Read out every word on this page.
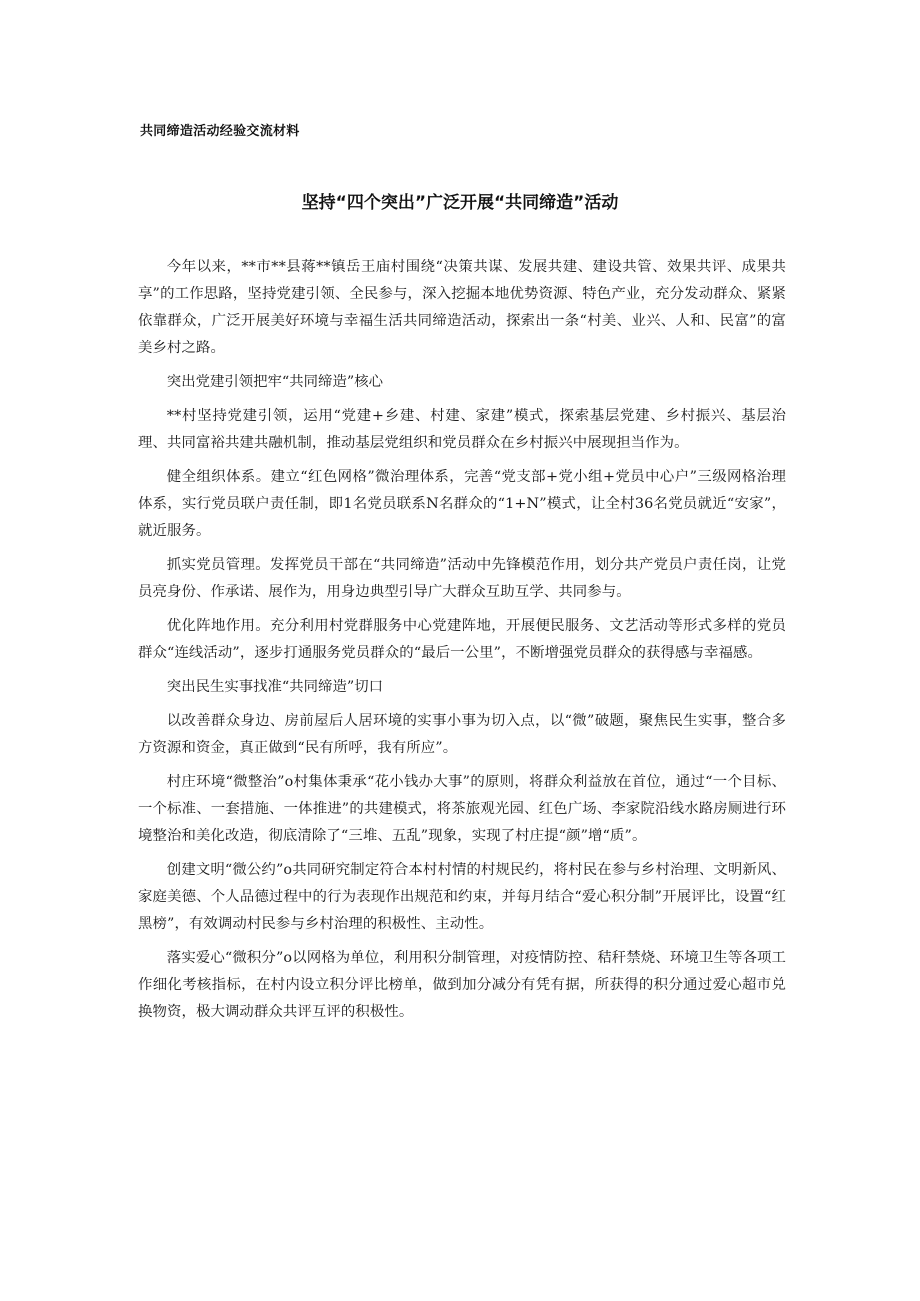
共同缔造活动经验交流材料

坚持“四个突出”广泛开展“共同缔造”活动

今年以来，**市**县蒋**镇岳王庙村围绕“决策共谋、发展共建、建设共管、效果共评、成果共享”的工作思路，坚持党建引领、全民参与，深入挖掘本地优势资源、特色产业，充分发动群众、紧紧依靠群众，广泛开展美好环境与幸福生活共同缔造活动，探索出一条“村美、业兴、人和、民富”的富美乡村之路。

突出党建引领把牢“共同缔造”核心

**村坚持党建引领，运用“党建+乡建、村建、家建”模式，探索基层党建、乡村振兴、基层治理、共同富裕共建共融机制，推动基层党组织和党员群众在乡村振兴中展现担当作为。

健全组织体系。建立“红色网格”微治理体系，完善“党支部+党小组+党员中心户”三级网格治理体系，实行党员联户责任制，即1名党员联系N名群众的“1+N”模式，让全村36名党员就近“安家”，就近服务。

抓实党员管理。发挥党员干部在“共同缔造”活动中先锋模范作用，划分共产党员户责任岗，让党员亮身份、作承诺、展作为，用身边典型引导广大群众互助互学、共同参与。

优化阵地作用。充分利用村党群服务中心党建阵地，开展便民服务、文艺活动等形式多样的党员群众“连线活动”，逐步打通服务党员群众的“最后一公里”，不断增强党员群众的获得感与幸福感。

突出民生实事找准“共同缔造”切口

以改善群众身边、房前屋后人居环境的实事小事为切入点，以“微”破题，聚焦民生实事，整合多方资源和资金，真正做到“民有所呼，我有所应”。

村庄环境“微整治”o村集体秉承“花小钱办大事”的原则，将群众利益放在首位，通过“一个目标、一个标准、一套措施、一体推进”的共建模式，将茶旅观光园、红色广场、李家院沿线水路房厕进行环境整治和美化改造，彻底清除了“三堆、五乱”现象，实现了村庄提“颜”增“质”。

创建文明“微公约”o共同研究制定符合本村村情的村规民约，将村民在参与乡村治理、文明新风、家庭美德、个人品德过程中的行为表现作出规范和约束，并每月结合“爱心积分制”开展评比，设置“红黑榜”，有效调动村民参与乡村治理的积极性、主动性。

落实爱心“微积分”o以网格为单位，利用积分制管理，对疫情防控、秸秆禁烧、环境卫生等各项工作细化考核指标，在村内设立积分评比榜单，做到加分减分有凭有据，所获得的积分通过爱心超市兑换物资，极大调动群众共评互评的积极性。
